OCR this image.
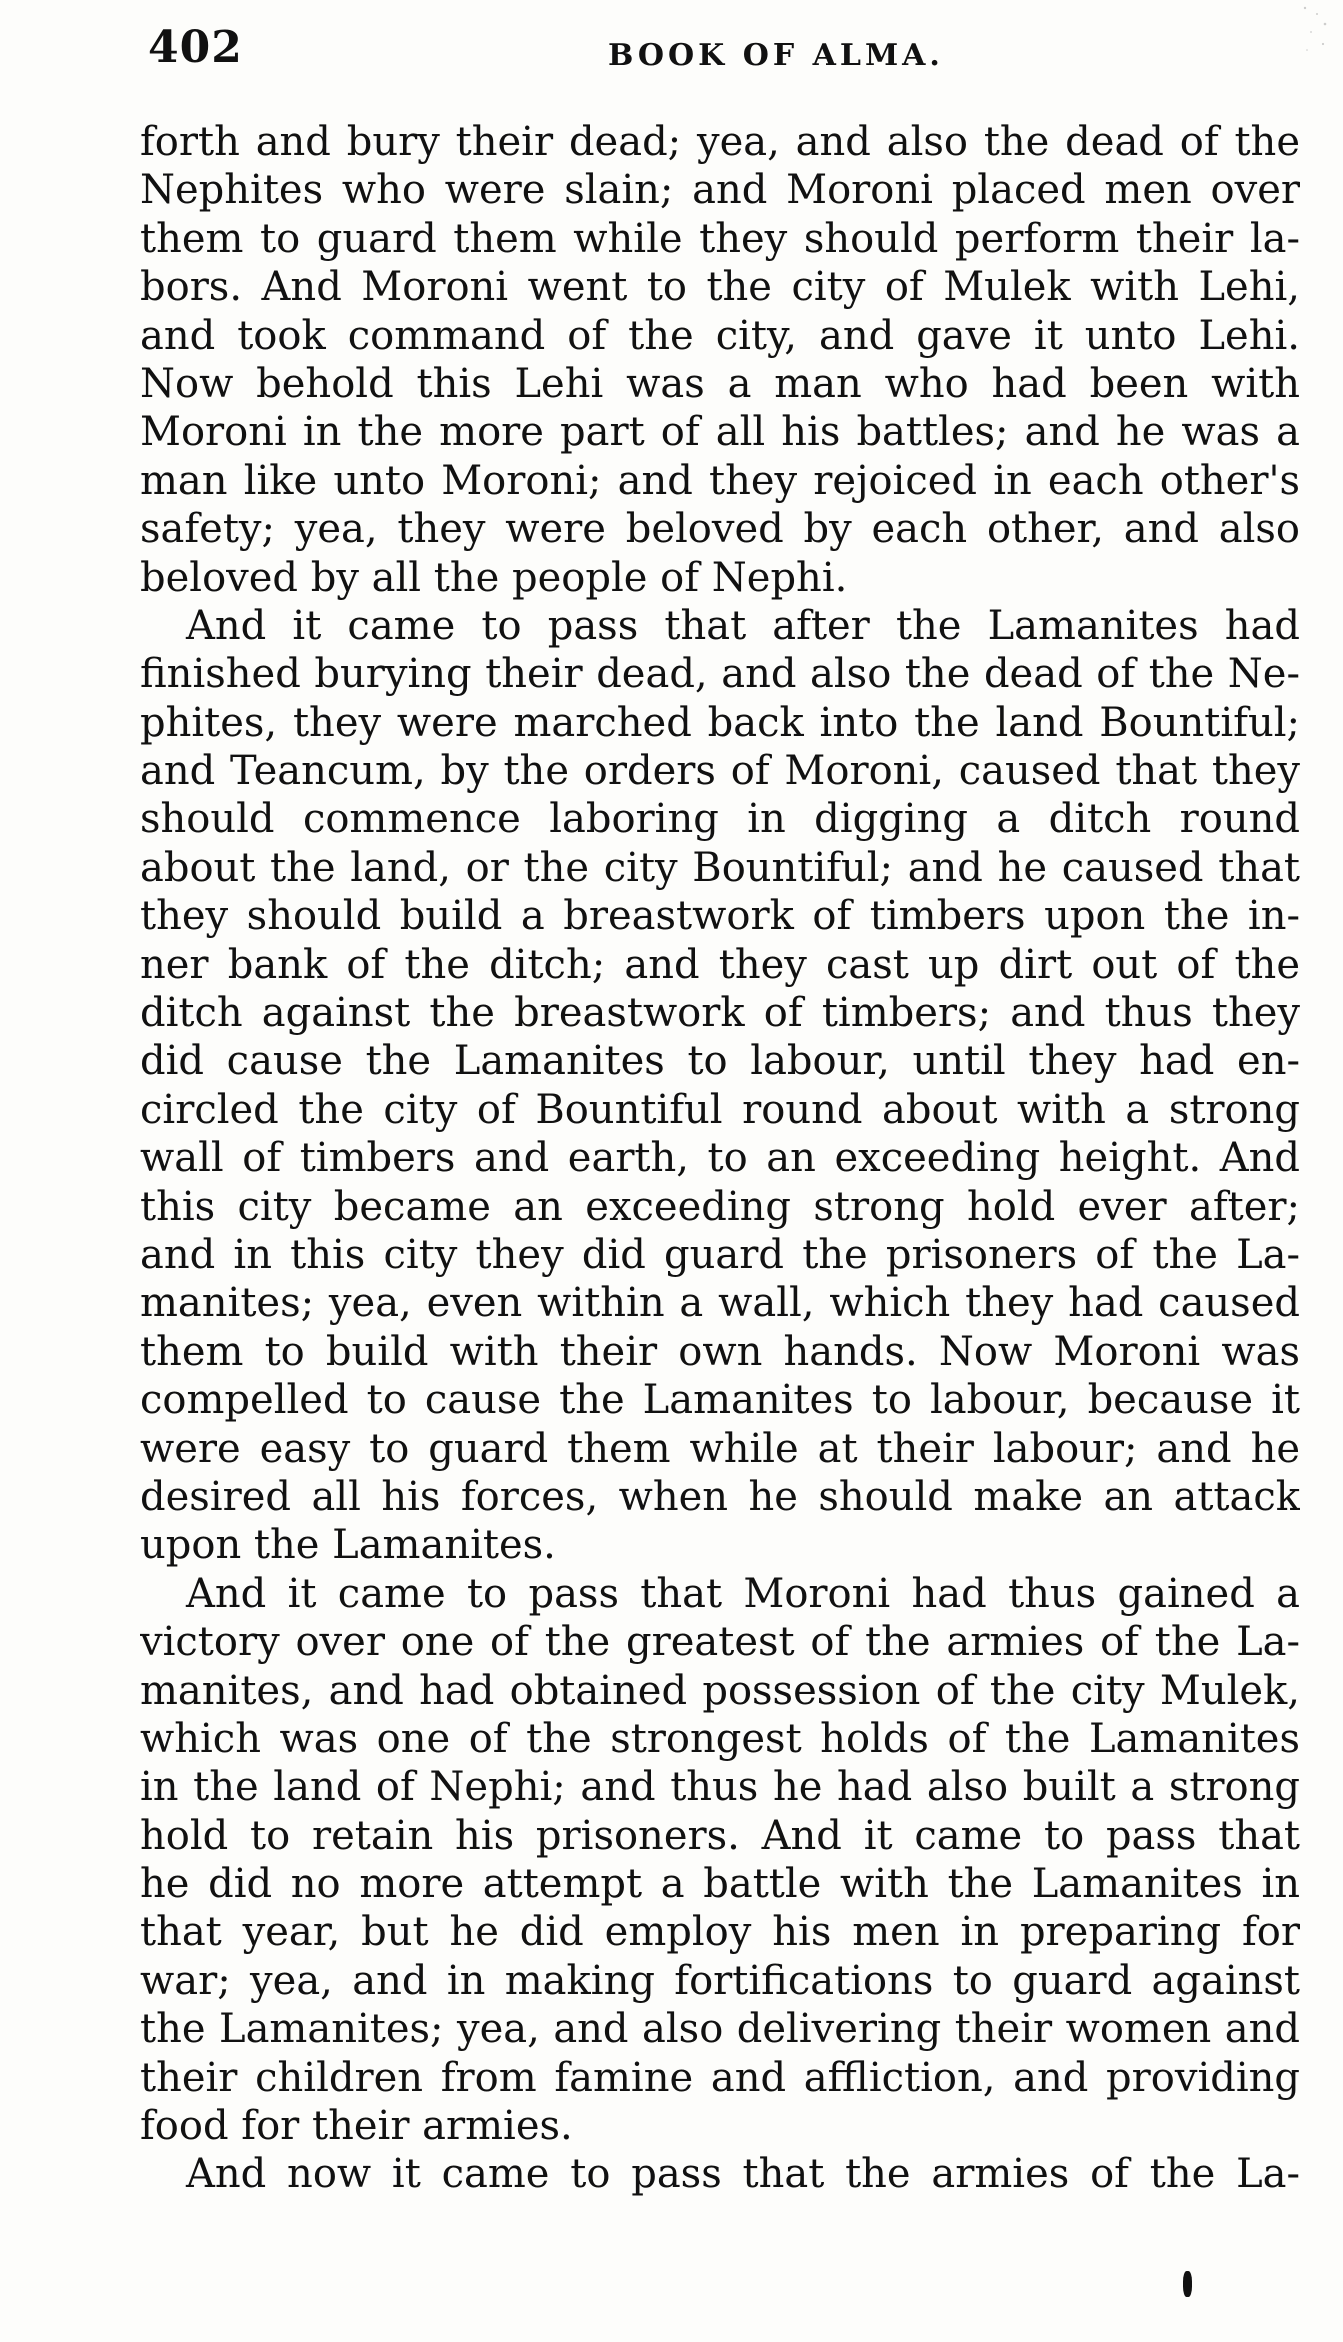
402	BOOK OF ALMA.
forth and bury their dead; yea, and also the dead of the
Nephites who were slain; and Moroni placed men over
them to guard them while they should perform their la-
bors. And Moroni went to the city of Mulek with Lehi,
and took command of the city, and gave it unto Lehi.
Now behold this Lehi was a man who had been with
Moroni in the more part of all his battles; and he was a
man like unto Moroni; and they rejoiced in each other's
safety; yea, they were beloved by each other, and also
beloved by all the people of Nephi.
And it came to pass that after the Lamanites had
finished burying their dead, and also the dead of the Ne-
phites, they were marched back into the land Bountiful;
and Teancum, by the orders of Moroni, caused that they
should commence laboring in digging a ditch round
about the land, or the city Bountiful; and he caused that
they should build a breastwork of timbers upon the in-
ner bank of the ditch; and they cast up dirt out of the
ditch against the breastwork of timbers; and thus they
did cause the Lamanites to labour, until they had en-
circled the city of Bountiful round about with a strong
wall of timbers and earth, to an exceeding height. And
this city became an exceeding strong hold ever after;
and in this city they did guard the prisoners of the La-
manites; yea, even within a wall, which they had caused
them to build with their own hands. Now Moroni was
compelled to cause the Lamanites to labour, because it
were easy to guard them while at their labour; and he
desired all his forces, when he should make an attack
upon the Lamanites.
And it came to pass that Moroni had thus gained a
victory over one of the greatest of the armies of the La-
manites, and had obtained possession of the city Mulek,
which was one of the strongest holds of the Lamanites
in the land of Nephi; and thus he had also built a strong
hold to retain his prisoners. And it came to pass that
he did no more attempt a battle with the Lamanites in
that year, but he did employ his men in preparing for
war; yea, and in making fortifications to guard against
the Lamanites; yea, and also delivering their women and
their children from famine and affliction, and providing
food for their armies.
And now it came to pass that the armies of the La-
